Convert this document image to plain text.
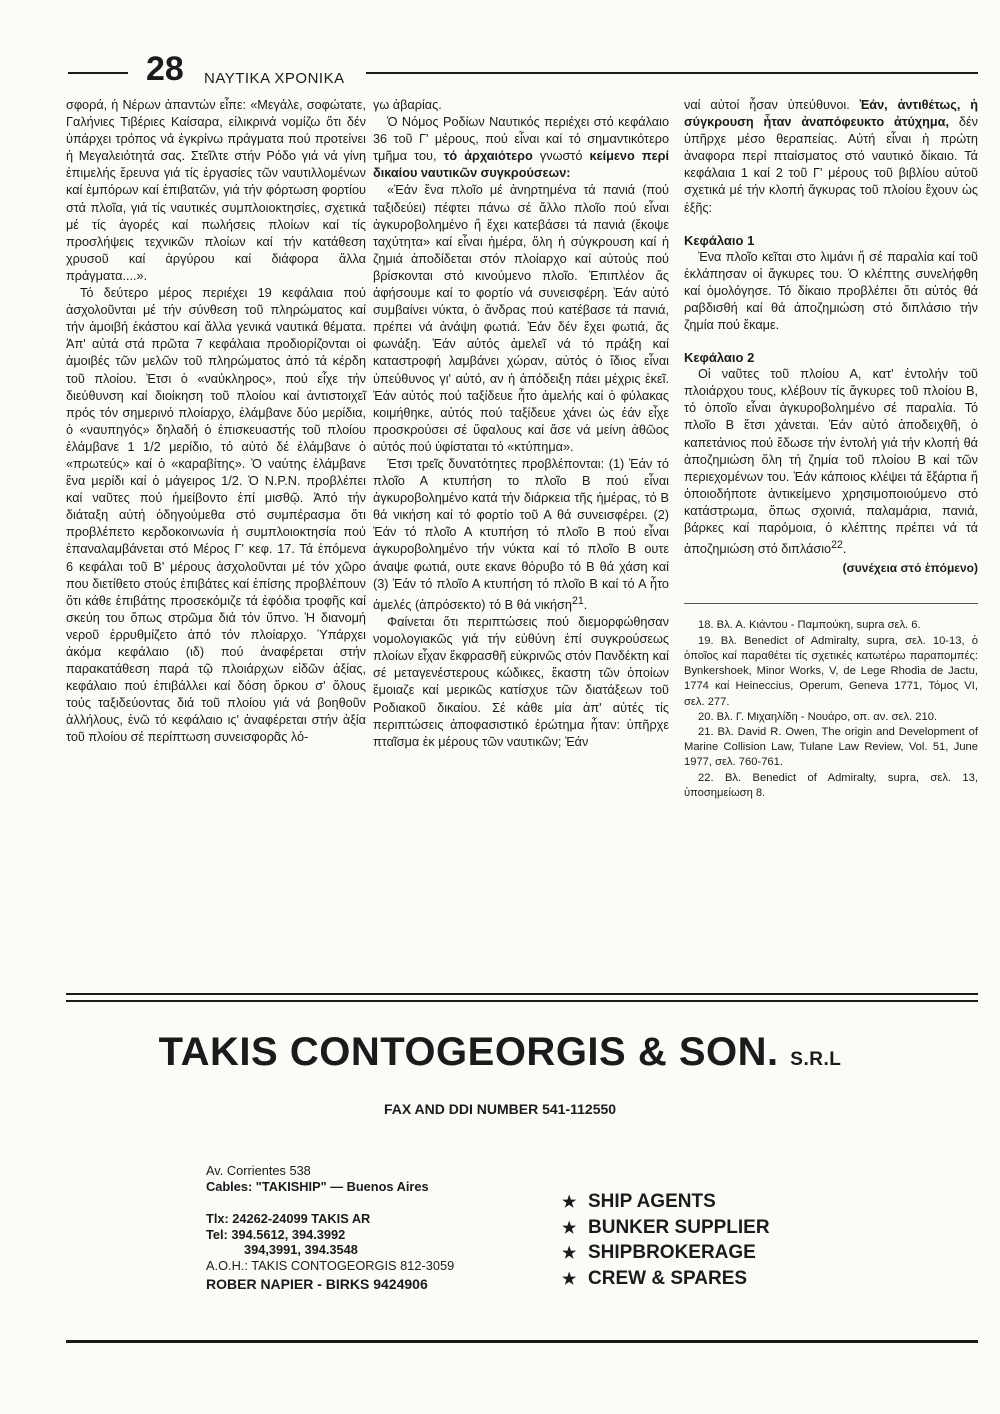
28 ΝΑΥΤΙΚΑ ΧΡΟΝΙΚΑ

σφορά, ἡ Νέρων ἀπαντών εἶπε: «Μεγάλε, σοφώτατε, Γαλήνιες Τιβέριες Καίσαρα, εἰλικρινά νομίζω ὅτι δέν ὑπάρχει τρόπος νά ἐγκρίνω πράγματα πού προτείνει ἡ Μεγαλειότητά σας. Στεῖλτε στήν Ρόδο γιά νά γίνη ἐπιμελής ἔρευνα γιά τίς ἐργασίες τῶν ναυτιλλομένων καί ἐμπόρων καί ἐπιβατῶν, γιά τήν φόρτωση φορτίου στά πλοῖα, γιά τίς ναυτικές συμπλοιοκτησίες, σχετικά μέ τίς ἀγορές καί πωλήσεις πλοίων καί τίς προσλήψεις τεχνικῶν πλοίων καί τήν κατάθεση χρυσοῦ καί ἀργύρου καί διάφορα ἄλλα πράγματα....».

Τό δεύτερο μέρος περιέχει 19 κεφάλαια πού ἀσχολοῦνται μέ τήν σύνθεση τοῦ πληρώματος καί τήν ἀμοιβή ἑκάστου καί ἄλλα γενικά ναυτικά θέματα. Ἀπ' αὐτά στά πρῶτα 7 κεφάλαια προδιορίζονται οἱ ἀμοιβές τῶν μελῶν τοῦ πληρώματος ἀπό τά κέρδη τοῦ πλοίου. Ἐτσι ὁ «ναύκληρος», πού εἶχε τήν διεύθυνση καί διοίκηση τοῦ πλοίου καί ἀντιστοιχεῖ πρός τόν σημερινό πλοίαρχο, ἐλάμβανε δύο μερίδια, ὁ «ναυπηγός» δηλαδή ὁ ἐπισκευαστής τοῦ πλοίου ἐλάμβανε 1 1/2 μερίδιο, τό αὐτό δέ ἐλάμβανε ὁ «πρωτεύς» καί ὁ «καραβίτης». Ὁ ναύτης ἐλάμβανε ἕνα μερίδι καί ὁ μάγειρος 1/2. Ὁ Ν.Ρ.Ν. προβλέπει καί ναῦτες πού ἡμείβοντο ἐπί μισθῷ. Ἀπό τήν διάταξη αὐτή ὁδηγούμεθα στό συμπέρασμα ὅτι προβλέπετο κερδοκοινωνία ἡ συμπλοιοκτησία πού ἐπαναλαμβάνεται στό Μέρος Γ' κεφ. 17. Τά ἑπόμενα 6 κεφάλαι τοῦ Β' μέρους ἀσχολοῦνται μέ τόν χῶρο που διετίθετο στούς ἐπιβάτες καί ἐπίσης προβλέπουν ὅτι κάθε ἐπιβάτης προσεκόμιζε τά ἐφόδια τροφῆς καί σκεύη του ὅπως στρῶμα διά τόν ὕπνο. Ἡ διανομή νεροῦ ἐρρυθμίζετο ἀπό τόν πλοίαρχο. Ὑπάρχει ἀκόμα κεφάλαιο (ιδ) πού ἀναφέρεται στήν παρακατάθεση παρά τῷ πλοιάρχων εἰδῶν ἀξίας, κεφάλαιο πού ἐπιβάλλει καί δόση ὅρκου σ' ὅλους τούς ταξιδεύοντας διά τοῦ πλοίου γιά νά βοηθοῦν ἀλλήλους, ἐνῶ τό κεφάλαιο ις' ἀναφέρεται στήν ἀξία τοῦ πλοίου σέ περίπτωση συνεισφορᾶς λό-

γω ἀβαρίας.

Ὁ Νόμος Ροδίων Ναυτικός περιέχει στό κεφάλαιο 36 τοῦ Γ' μέρους, πού εἶναι καί τό σημαντικότερο τμῆμα του, τό ἀρχαιότερο γνωστό κείμενο περί δικαίου ναυτικῶν συγκρούσεων:

«Ἐάν ἕνα πλοῖο μέ ἀνηρτημένα τά πανιά (πού ταξιδεύει) πέφτει πάνω σέ ἄλλο πλοῖο πού εἶναι ἀγκυροβολημένο ἤ ἔχει κατεβάσει τά πανιά (ἔκοψε ταχύτητα» καί εἶναι ἡμέρα, ὅλη ἡ σύγκρουση καί ἡ ζημιά ἀποδίδεται στόν πλοίαρχο καί αὐτούς πού βρίσκονται στό κινούμενο πλοῖο. Ἐπιπλέον ἄς ἀφήσουμε καί το φορτίο νά συνεισφέρη. Ἐάν αὐτό συμβαίνει νύκτα, ὁ ἄνδρας πού κατέβασε τά πανιά, πρέπει νά ἀνάψη φωτιά. Ἐάν δέν ἔχει φωτιά, ἄς φωνάξη. Ἐάν αὐτός ἀμελεῖ νά τό πράξη καί καταστροφή λαμβάνει χώραν, αὐτός ὁ ἴδιος εἶναι ὑπεύθυνος γι' αὐτό, αν ἡ ἀπόδειξη πάει μέχρις ἐκεῖ. Ἐάν αὐτός πού ταξίδευε ἦτο ἀμελής καί ὁ φύλακας κοιμήθηκε, αὐτός πού ταξίδευε χάνει ὡς ἐάν εἶχε προσκρούσει σέ ὕφαλους καί ἄσε νά μείνη ἀθῶος αὐτός πού ὑφίσταται τό «κτύπημα».

Ἐτσι τρεῖς δυνατότητες προβλέπονται: (1) Ἐάν τό πλοῖο Α κτυπήση το πλοῖο Β πού εἶναι ἀγκυροβολημένο κατά τήν διάρκεια τῆς ἡμέρας, τό Β θά νικήση καί τό φορτίο τοῦ Α θά συνεισφέρει. (2) Ἐάν τό πλοῖο Α κτυπήση τό πλοῖο Β πού εἶναι ἀγκυροβολημένο τήν νύκτα καί τό πλοῖο Β ουτε άναψε φωτιά, ουτε εκανε θόρυβο τό Β θά χάση καί (3) Ἐάν τό πλοῖο Α κτυπήση τό πλοῖο Β καί τό Α ἦτο ἀμελές (ἀπρόσεκτο) τό Β θά νικήση$^{21}$.

Φαίνεται ὅτι περιπτώσεις πού διεμορφώθησαν νομολογιακῶς γιά τήν εὐθύνη ἐπί συγκρούσεως πλοίων εἶχαν ἔκφρασθῆ εὐκρινῶς στόν Πανδέκτη καί σέ μεταγενέστερους κώδικες, ἔκαστη τῶν ὁποίων ἔμοιαζε καί μερικῶς κατίσχυε τῶν διατάξεων τοῦ Ροδιακοῦ δικαίου. Σέ κάθε μία ἀπ' αὐτές τίς περιπτώσεις ἀποφασιστικό ἐρώτημα ἦταν: ὑπῆρχε πταῖσμα ἐκ μέρους τῶν ναυτικῶν; Ἐάν

ναί αὐτοί ἦσαν ὑπεύθυνοι. Ἐάν, ἀντιθέτως, ἡ σύγκρουση ἦταν ἀναπόφευκτο ἀτύχημα, δέν ὑπῆρχε μέσο θεραπείας. Αὐτή εἶναι ἡ πρώτη ἀναφορα περί πταίσματος στό ναυτικό δίκαιο. Τά κεφάλαια 1 καί 2 τοῦ Γ' μέρους τοῦ βιβλίου αὐτοῦ σχετικά μέ τήν κλοπή ἄγκυρας τοῦ πλοίου ἔχουν ὡς ἑξῆς:

Κεφάλαιο 1

Ἐνα πλοῖο κεῖται στο λιμάνι ἤ σέ παραλία καί τοῦ ἐκλάπησαν οἱ ἄγκυρες του. Ὁ κλέπτης συνελήφθη καί ὁμολόγησε. Τό δίκαιο προβλέπει ὅτι αὐτός θά ραβδισθή καί θά ἀποζημιώση στό διπλάσιο τήν ζημία πού ἔκαμε.

Κεφάλαιο 2

Οἱ ναῦτες τοῦ πλοίου Α, κατ' ἐντολήν τοῦ πλοιάρχου τους, κλέβουν τίς ἄγκυρες τοῦ πλοίου Β, τό ὁποῖο εἶναι ἀγκυροβολημένο σέ παραλία. Τό πλοῖο Β ἔτσι χάνεται. Ἐάν αὐτό ἀποδειχθῆ, ὁ καπετάνιος πού ἔδωσε τήν ἐντολή γιά τήν κλοπή θά ἀποζημιώση ὅλη τή ζημία τοῦ πλοίου Β καί τῶν περιεχομένων του. Ἐάν κάποιος κλέψει τά ἔξάρτια ἤ ὁποιοδήποτε ἀντικείμενο χρησιμοποιούμενο στό κατάστρωμα, ὅπως σχοινιά, παλαμάρια, πανιά, βάρκες καί παρόμοια, ὁ κλέπτης πρέπει νά τά ἀποζημιώση στό διπλάσιο$^{22}$.

(συνέχεια στό ἑπόμενο)

18. Βλ. Α. Κιάντου - Παμπούκη, supra σελ. 6.

19. Βλ. Benedict of Admiralty, supra, σελ. 10-13, ὁ ὁποῖος καί παραθέτει τίς σχετικές κατωτέρω παραπομπές: Bynkershoek, Minor Works, V, de Lege Rhodia de Jactu, 1774 καί Heineccius, Operum, Geneva 1771, Τόμος VI, σελ. 277.

20. Βλ. Γ. Μιχαηλίδη - Νουάρο, οπ. αν. σελ. 210.

21. Βλ. David R. Owen, The origin and Development of Marine Collision Law, Tulane Law Review, Vol. 51, June 1977, σελ. 760-761.

22. Βλ. Benedict of Admiralty, supra, σελ. 13, ὑποσημείωση 8.

TAKIS CONTOGEORGIS & SON. S.R.L
FAX AND DDI NUMBER 541-112550
Av. Corrientes 538
Cables: "TAKISHIP" — Buenos Aires
Tlx: 24262-24099 TAKIS AR
Tel: 394.5612, 394.3992
394,3991, 394.3548
A.O.H.: TAKIS CONTOGEORGIS 812-3059
ROBER NAPIER - BIRKS 9424906
★ SHIP AGENTS
★ BUNKER SUPPLIER
★ SHIPBROKERAGE
★ CREW & SPARES
